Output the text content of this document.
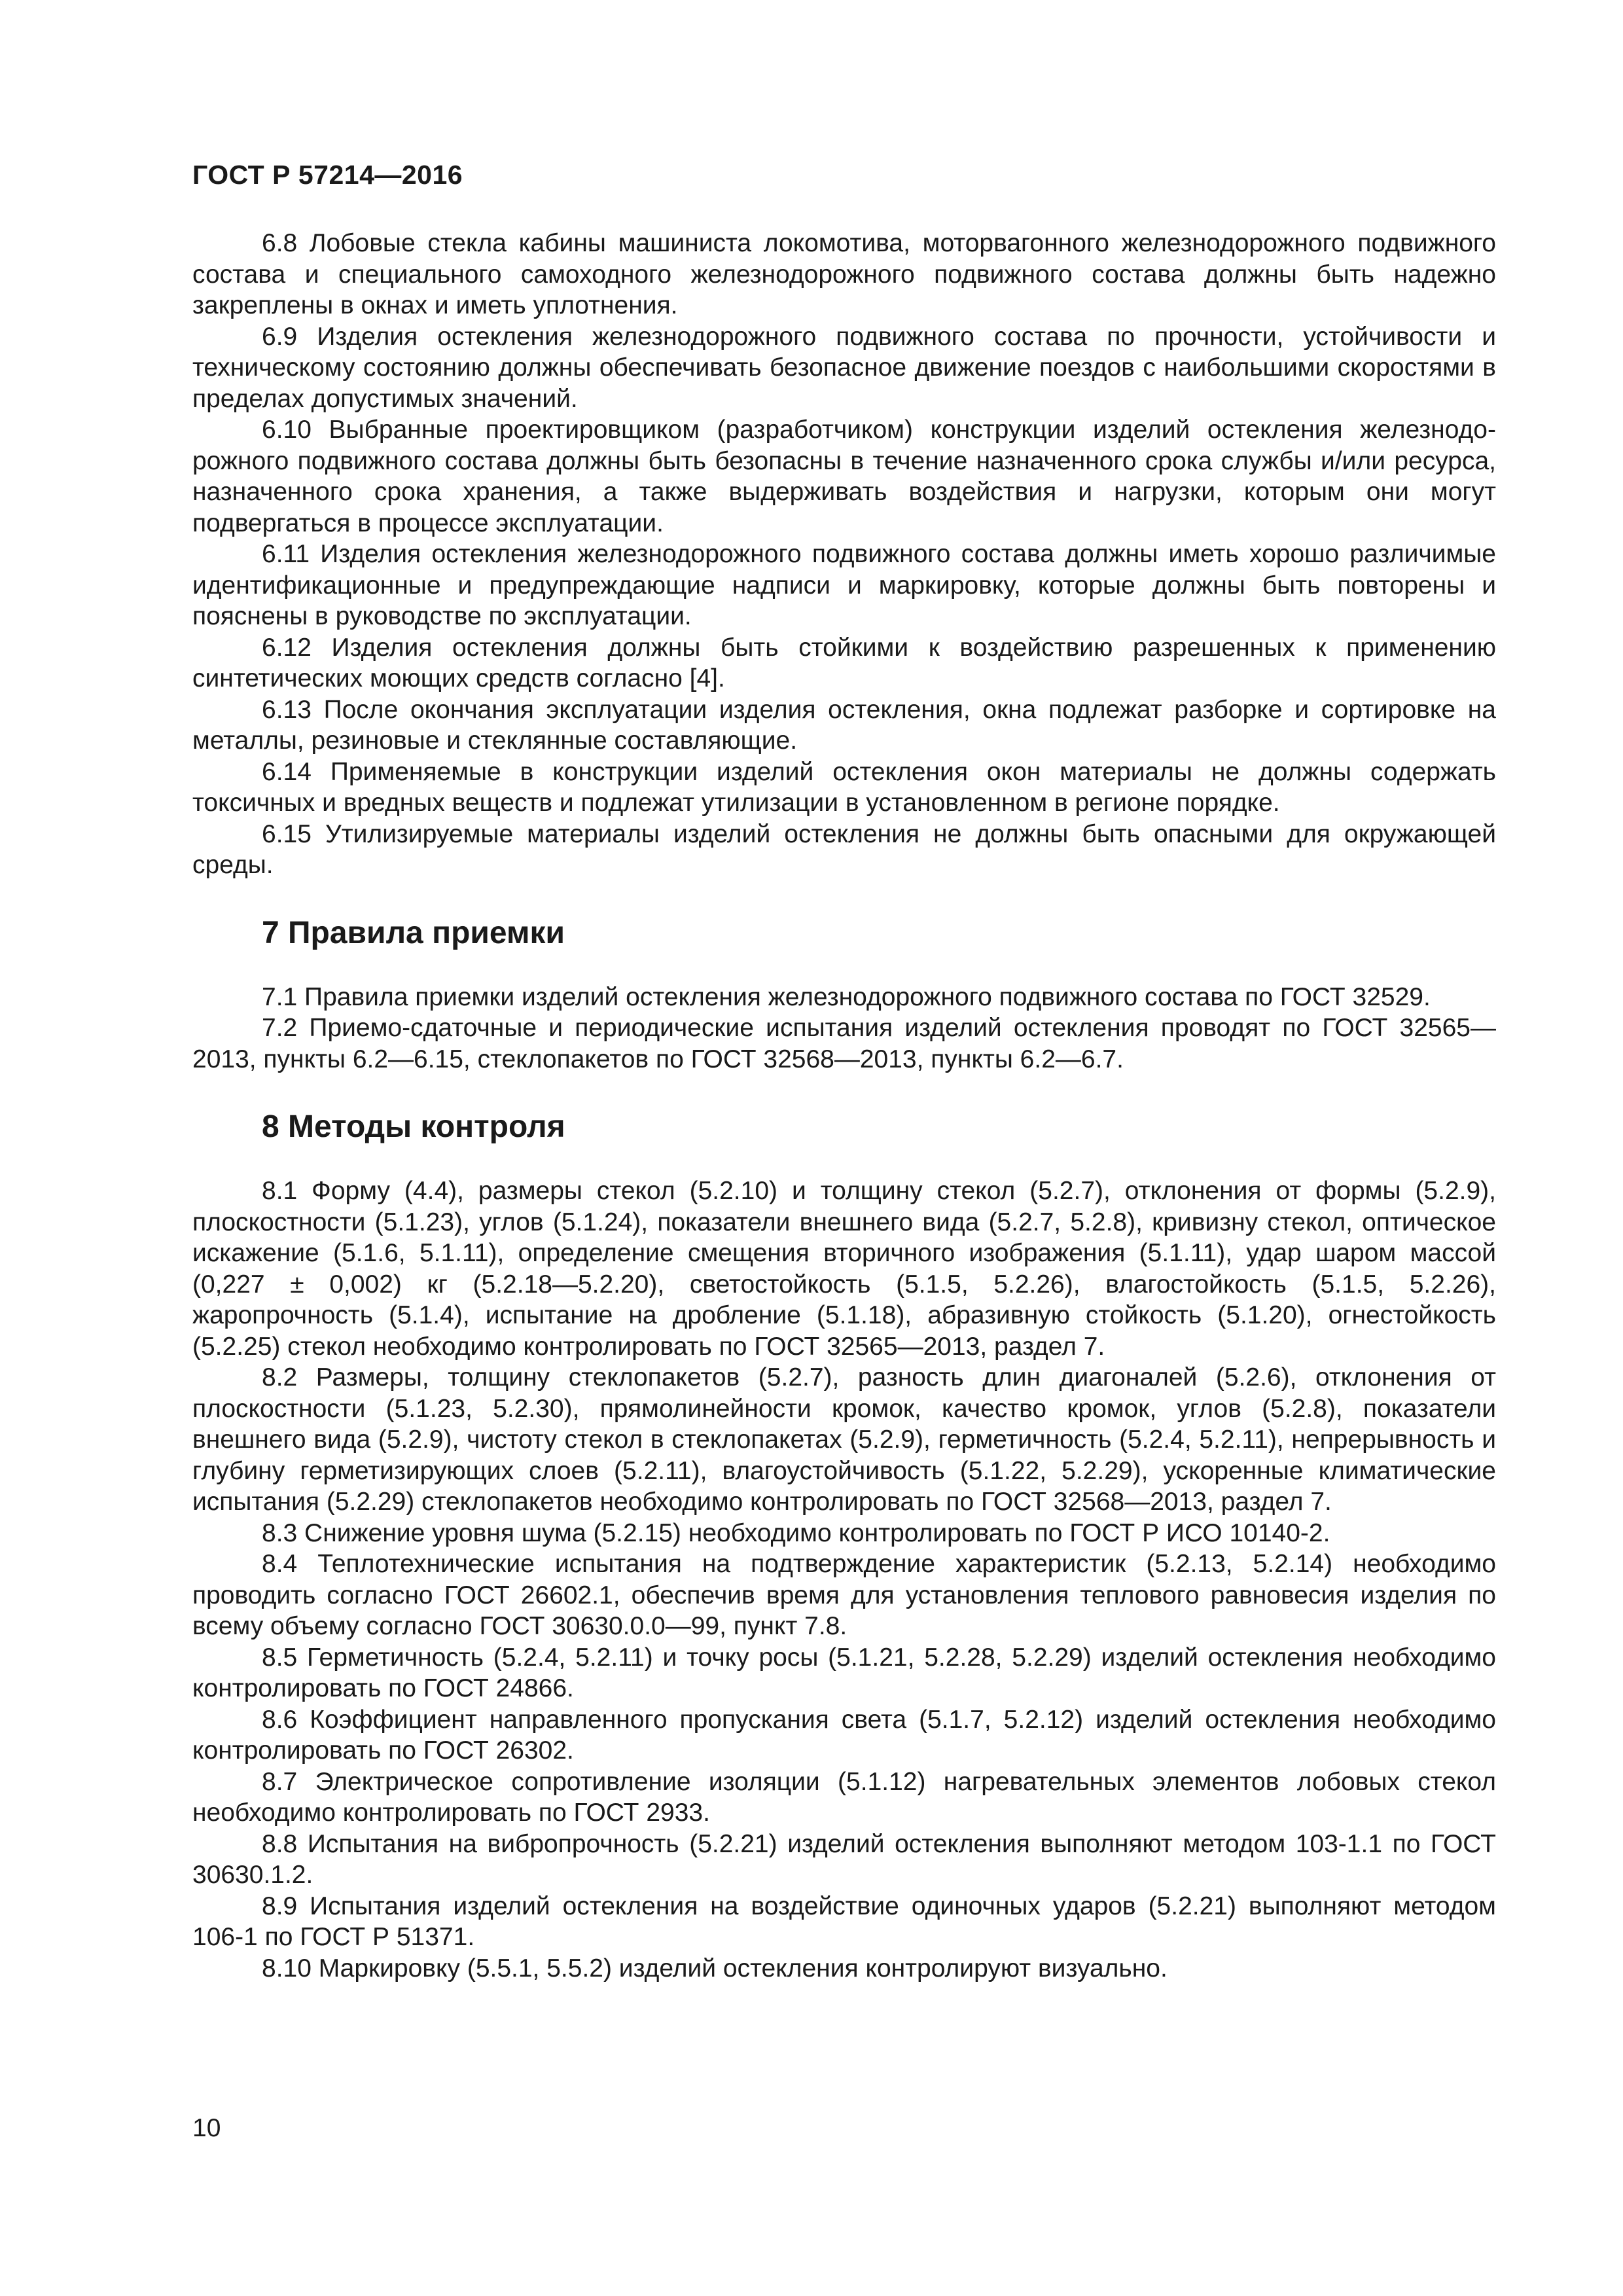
ГОСТ Р 57214—2016

6.8 Лобовые стекла кабины машиниста локомотива, моторвагонного железнодорожного подвижного состава и специального самоходного железнодорожного подвижного состава должны быть надежно закреплены в окнах и иметь уплотнения.

6.9 Изделия остекления железнодорожного подвижного состава по прочности, устойчивости и техническому состоянию должны обеспечивать безопасное движение поездов с наибольшими скоростями в пределах допустимых значений.

6.10 Выбранные проектировщиком (разработчиком) конструкции изделий остекления железнодорожного подвижного состава должны быть безопасны в течение назначенного срока службы и/или ресурса, назначенного срока хранения, а также выдерживать воздействия и нагрузки, которым они могут подвергаться в процессе эксплуатации.

6.11 Изделия остекления железнодорожного подвижного состава должны иметь хорошо различимые идентификационные и предупреждающие надписи и маркировку, которые должны быть повторены и пояснены в руководстве по эксплуатации.

6.12 Изделия остекления должны быть стойкими к воздействию разрешенных к применению синтетических моющих средств согласно [4].

6.13 После окончания эксплуатации изделия остекления, окна подлежат разборке и сортировке на металлы, резиновые и стеклянные составляющие.

6.14 Применяемые в конструкции изделий остекления окон материалы не должны содержать токсичных и вредных веществ и подлежат утилизации в установленном в регионе порядке.

6.15 Утилизируемые материалы изделий остекления не должны быть опасными для окружающей среды.

7 Правила приемки

7.1 Правила приемки изделий остекления железнодорожного подвижного состава по ГОСТ 32529.

7.2 Приемо-сдаточные и периодические испытания изделий остекления проводят по ГОСТ 32565—2013, пункты 6.2—6.15, стеклопакетов по ГОСТ 32568—2013, пункты 6.2—6.7.

8 Методы контроля

8.1 Форму (4.4), размеры стекол (5.2.10) и толщину стекол (5.2.7), отклонения от формы (5.2.9), плоскостности (5.1.23), углов (5.1.24), показатели внешнего вида (5.2.7, 5.2.8), кривизну стекол, оптическое искажение (5.1.6, 5.1.11), определение смещения вторичного изображения (5.1.11), удар шаром массой (0,227 ± 0,002) кг (5.2.18—5.2.20), светостойкость (5.1.5, 5.2.26), влагостойкость (5.1.5, 5.2.26), жаропрочность (5.1.4), испытание на дробление (5.1.18), абразивную стойкость (5.1.20), огнестойкость (5.2.25) стекол необходимо контролировать по ГОСТ 32565—2013, раздел 7.

8.2 Размеры, толщину стеклопакетов (5.2.7), разность длин диагоналей (5.2.6), отклонения от плоскостности (5.1.23, 5.2.30), прямолинейности кромок, качество кромок, углов (5.2.8), показатели внешнего вида (5.2.9), чистоту стекол в стеклопакетах (5.2.9), герметичность (5.2.4, 5.2.11), непрерывность и глубину герметизирующих слоев (5.2.11), влагоустойчивость (5.1.22, 5.2.29), ускоренные климатические испытания (5.2.29) стеклопакетов необходимо контролировать по ГОСТ 32568—2013, раздел 7.

8.3 Снижение уровня шума (5.2.15) необходимо контролировать по ГОСТ Р ИСО 10140-2.

8.4 Теплотехнические испытания на подтверждение характеристик (5.2.13, 5.2.14) необходимо проводить согласно ГОСТ 26602.1, обеспечив время для установления теплового равновесия изделия по всему объему согласно ГОСТ 30630.0.0—99, пункт 7.8.

8.5 Герметичность (5.2.4, 5.2.11) и точку росы (5.1.21, 5.2.28, 5.2.29) изделий остекления необходимо контролировать по ГОСТ 24866.

8.6 Коэффициент направленного пропускания света (5.1.7, 5.2.12) изделий остекления необходимо контролировать по ГОСТ 26302.

8.7 Электрическое сопротивление изоляции (5.1.12) нагревательных элементов лобовых стекол необходимо контролировать по ГОСТ 2933.

8.8 Испытания на вибропрочность (5.2.21) изделий остекления выполняют методом 103-1.1 по ГОСТ 30630.1.2.

8.9 Испытания изделий остекления на воздействие одиночных ударов (5.2.21) выполняют методом 106-1 по ГОСТ Р 51371.

8.10 Маркировку (5.5.1, 5.5.2) изделий остекления контролируют визуально.

10
